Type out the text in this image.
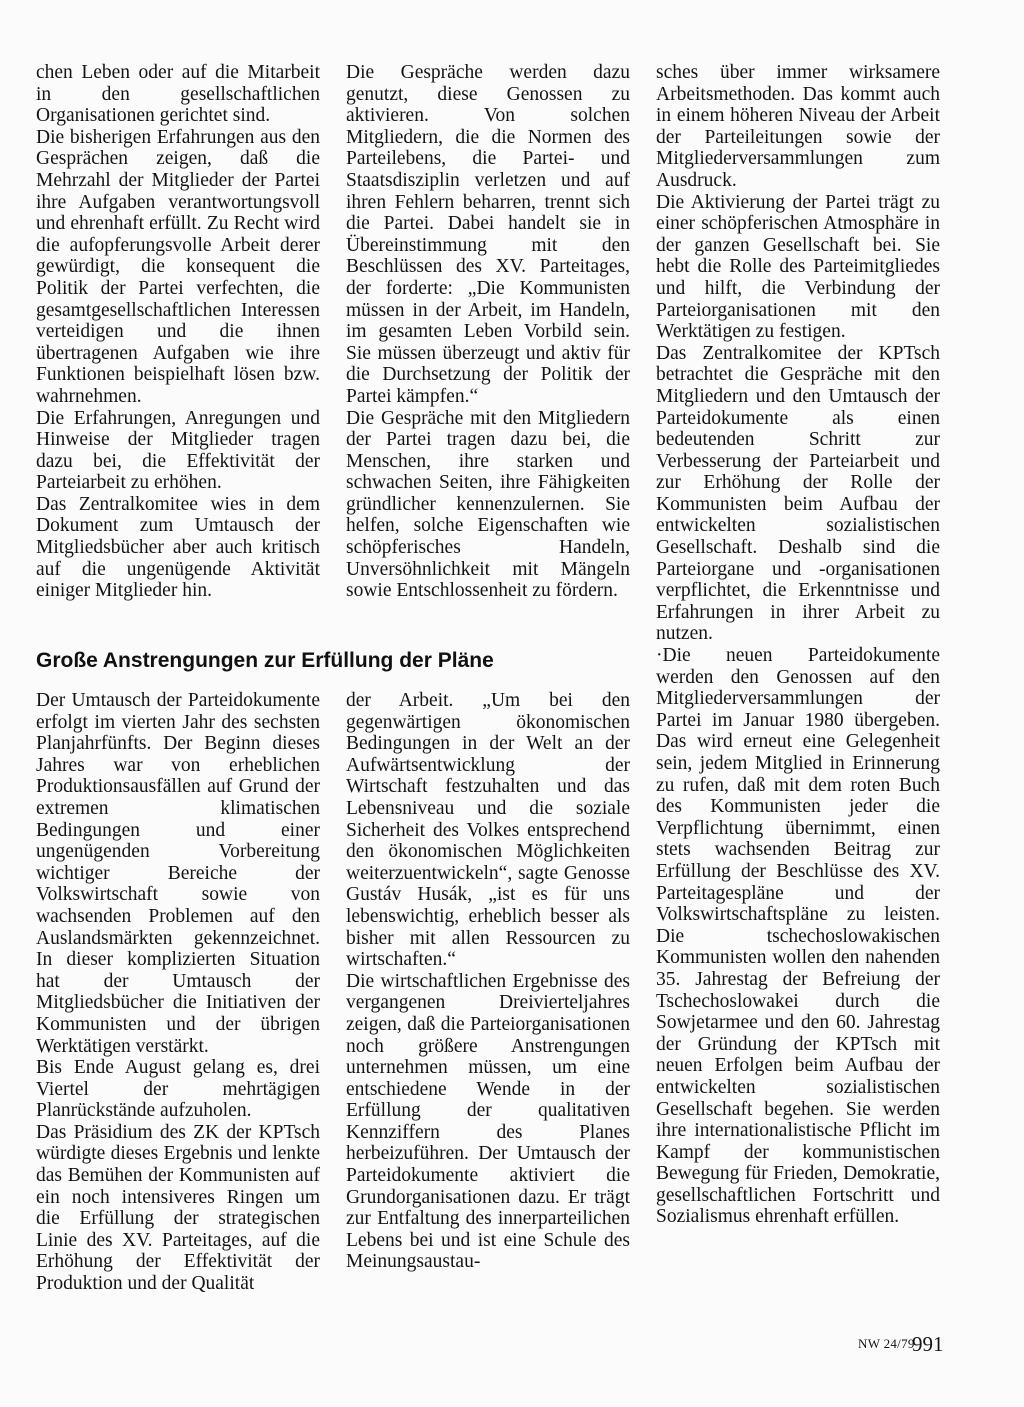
chen Leben oder auf die Mitarbeit in den gesellschaftlichen Organisationen gerichtet sind.

Die bisherigen Erfahrungen aus den Gesprächen zeigen, daß die Mehrzahl der Mitglieder der Partei ihre Aufgaben verantwortungsvoll und ehrenhaft erfüllt. Zu Recht wird die aufopferungsvolle Arbeit derer gewürdigt, die konsequent die Politik der Partei verfechten, die gesamtgesellschaftlichen Interessen verteidigen und die ihnen übertragenen Aufgaben wie ihre Funktionen beispielhaft lösen bzw. wahrnehmen.

Die Erfahrungen, Anregungen und Hinweise der Mitglieder tragen dazu bei, die Effektivität der Parteiarbeit zu erhöhen.

Das Zentralkomitee wies in dem Dokument zum Umtausch der Mitgliedsbücher aber auch kritisch auf die ungenügende Aktivität einiger Mitglieder hin.

Die Gespräche werden dazu genutzt, diese Genossen zu aktivieren. Von solchen Mitgliedern, die die Normen des Parteilebens, die Partei- und Staatsdisziplin verletzen und auf ihren Fehlern beharren, trennt sich die Partei. Dabei handelt sie in Übereinstimmung mit den Beschlüssen des XV. Parteitages, der forderte: „Die Kommunisten müssen in der Arbeit, im Handeln, im gesamten Leben Vorbild sein. Sie müssen überzeugt und aktiv für die Durchsetzung der Politik der Partei kämpfen.“

Die Gespräche mit den Mitgliedern der Partei tragen dazu bei, die Menschen, ihre starken und schwachen Seiten, ihre Fähigkeiten gründlicher kennenzulernen. Sie helfen, solche Eigenschaften wie schöpferisches Handeln, Unversöhnlichkeit mit Mängeln sowie Entschlossenheit zu fördern.

Große Anstrengungen zur Erfüllung der Pläne

Der Umtausch der Parteidokumente erfolgt im vierten Jahr des sechsten Planjahrfünfts. Der Beginn dieses Jahres war von erheblichen Produktionsausfällen auf Grund der extremen klimatischen Bedingungen und einer ungenügenden Vorbereitung wichtiger Bereiche der Volkswirtschaft sowie von wachsenden Problemen auf den Auslandsmärkten gekennzeichnet. In dieser komplizierten Situation hat der Umtausch der Mitgliedsbücher die Initiativen der Kommunisten und der übrigen Werktätigen verstärkt.

Bis Ende August gelang es, drei Viertel der mehrtägigen Planrückstände aufzuholen.

Das Präsidium des ZK der KPTsch würdigte dieses Ergebnis und lenkte das Bemühen der Kommunisten auf ein noch intensiveres Ringen um die Erfüllung der strategischen Linie des XV. Parteitages, auf die Erhöhung der Effektivität der Produktion und der Qualität

der Arbeit. „Um bei den gegenwärtigen ökonomischen Bedingungen in der Welt an der Aufwärtsentwicklung der Wirtschaft festzuhalten und das Lebensniveau und die soziale Sicherheit des Volkes entsprechend den ökonomischen Möglichkeiten weiterzuentwickeln“, sagte Genosse Gustáv Husák, „ist es für uns lebenswichtig, erheblich besser als bisher mit allen Ressourcen zu wirtschaften.“

Die wirtschaftlichen Ergebnisse des vergangenen Dreivierteljahres zeigen, daß die Parteiorganisationen noch größere Anstrengungen unternehmen müssen, um eine entschiedene Wende in der Erfüllung der qualitativen Kennziffern des Planes herbeizuführen. Der Umtausch der Parteidokumente aktiviert die Grundorganisationen dazu. Er trägt zur Entfaltung des innerparteilichen Lebens bei und ist eine Schule des Meinungsaustau-

sches über immer wirksamere Arbeitsmethoden. Das kommt auch in einem höheren Niveau der Arbeit der Parteileitungen sowie der Mitgliederversammlungen zum Ausdruck.

Die Aktivierung der Partei trägt zu einer schöpferischen Atmosphäre in der ganzen Gesellschaft bei. Sie hebt die Rolle des Parteimitgliedes und hilft, die Verbindung der Parteiorganisationen mit den Werktätigen zu festigen.

Das Zentralkomitee der KPTsch betrachtet die Gespräche mit den Mitgliedern und den Umtausch der Parteidokumente als einen bedeutenden Schritt zur Verbesserung der Parteiarbeit und zur Erhöhung der Rolle der Kommunisten beim Aufbau der entwickelten sozialistischen Gesellschaft. Deshalb sind die Parteiorgane und -organisationen verpflichtet, die Erkenntnisse und Erfahrungen in ihrer Arbeit zu nutzen.

·Die neuen Parteidokumente werden den Genossen auf den Mitgliederversammlungen der Partei im Januar 1980 übergeben. Das wird erneut eine Gelegenheit sein, jedem Mitglied in Erinnerung zu rufen, daß mit dem roten Buch des Kommunisten jeder die Verpflichtung übernimmt, einen stets wachsenden Beitrag zur Erfüllung der Beschlüsse des XV. Parteitagespläne und der Volkswirtschaftspläne zu leisten. Die tschechoslowakischen Kommunisten wollen den nahenden 35. Jahrestag der Befreiung der Tschechoslowakei durch die Sowjetarmee und den 60. Jahrestag der Gründung der KPTsch mit neuen Erfolgen beim Aufbau der entwickelten sozialistischen Gesellschaft begehen. Sie werden ihre internationalistische Pflicht im Kampf der kommunistischen Bewegung für Frieden, Demokratie, gesellschaftlichen Fortschritt und Sozialismus ehrenhaft erfüllen.

NW 24/79
991
